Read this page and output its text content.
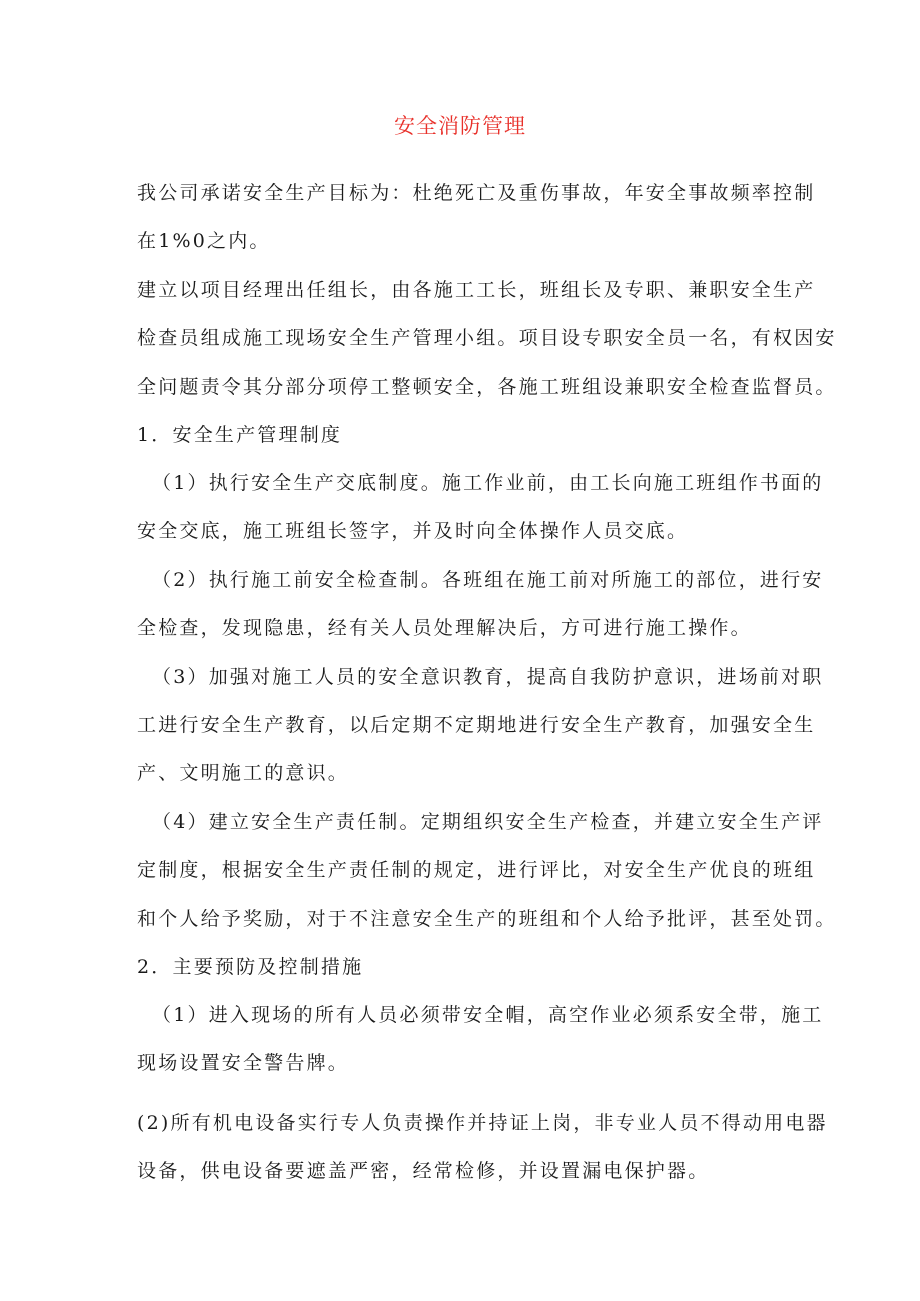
安全消防管理
我公司承诺安全生产目标为：杜绝死亡及重伤事故，年安全事故频率控制
在1%0之内。
建立以项目经理出任组长，由各施工工长，班组长及专职、兼职安全生产
检查员组成施工现场安全生产管理小组。项目设专职安全员一名，有权因安
全问题责令其分部分项停工整顿安全，各施工班组设兼职安全检查监督员。
1．安全生产管理制度
（1）执行安全生产交底制度。施工作业前，由工长向施工班组作书面的
安全交底，施工班组长签字，并及时向全体操作人员交底。
（2）执行施工前安全检查制。各班组在施工前对所施工的部位，进行安
全检查，发现隐患，经有关人员处理解决后，方可进行施工操作。
（3）加强对施工人员的安全意识教育，提高自我防护意识，进场前对职
工进行安全生产教育，以后定期不定期地进行安全生产教育，加强安全生
产、文明施工的意识。
（4）建立安全生产责任制。定期组织安全生产检查，并建立安全生产评
定制度，根据安全生产责任制的规定，进行评比，对安全生产优良的班组
和个人给予奖励，对于不注意安全生产的班组和个人给予批评，甚至处罚。
2．主要预防及控制措施
（1）进入现场的所有人员必须带安全帽，高空作业必须系安全带，施工
现场设置安全警告牌。
(2)所有机电设备实行专人负责操作并持证上岗，非专业人员不得动用电器
设备，供电设备要遮盖严密，经常检修，并设置漏电保护器。
